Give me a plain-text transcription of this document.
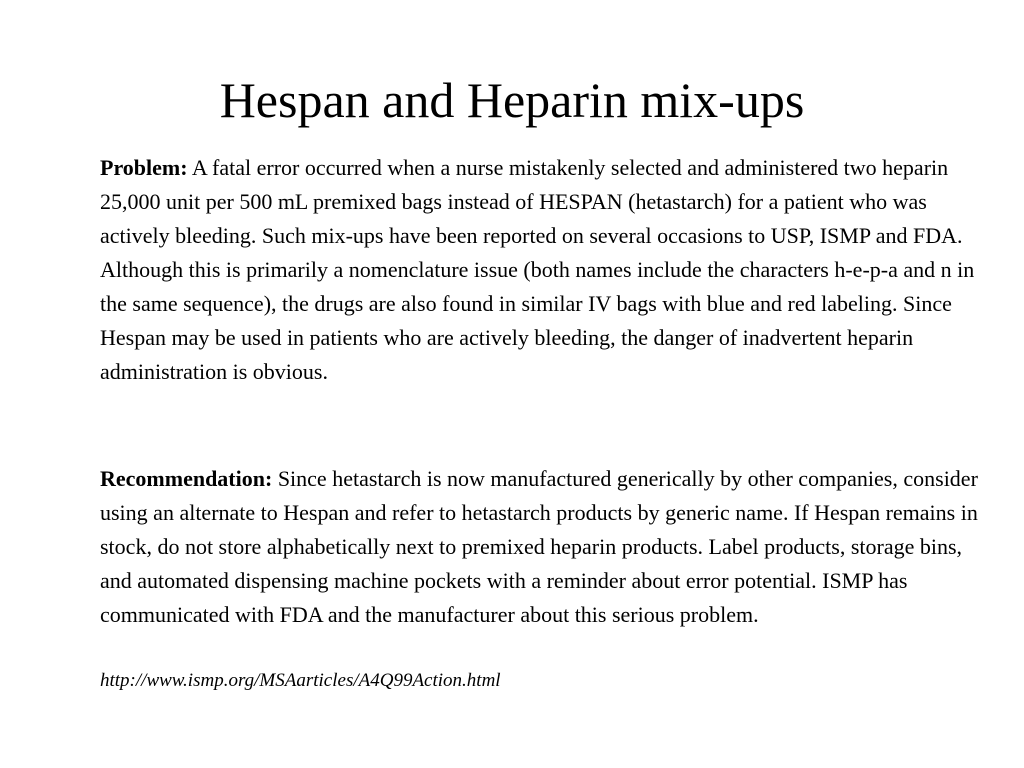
Hespan and Heparin mix-ups

Problem: A fatal error occurred when a nurse mistakenly selected and administered two heparin 25,000 unit per 500 mL premixed bags instead of HESPAN (hetastarch) for a patient who was actively bleeding. Such mix-ups have been reported on several occasions to USP, ISMP and FDA. Although this is primarily a nomenclature issue (both names include the characters h-e-p-a and n in the same sequence), the drugs are also found in similar IV bags with blue and red labeling. Since Hespan may be used in patients who are actively bleeding, the danger of inadvertent heparin administration is obvious.

Recommendation: Since hetastarch is now manufactured generically by other companies, consider using an alternate to Hespan and refer to hetastarch products by generic name. If Hespan remains in stock, do not store alphabetically next to premixed heparin products. Label products, storage bins, and automated dispensing machine pockets with a reminder about error potential. ISMP has communicated with FDA and the manufacturer about this serious problem.

http://www.ismp.org/MSAarticles/A4Q99Action.html
